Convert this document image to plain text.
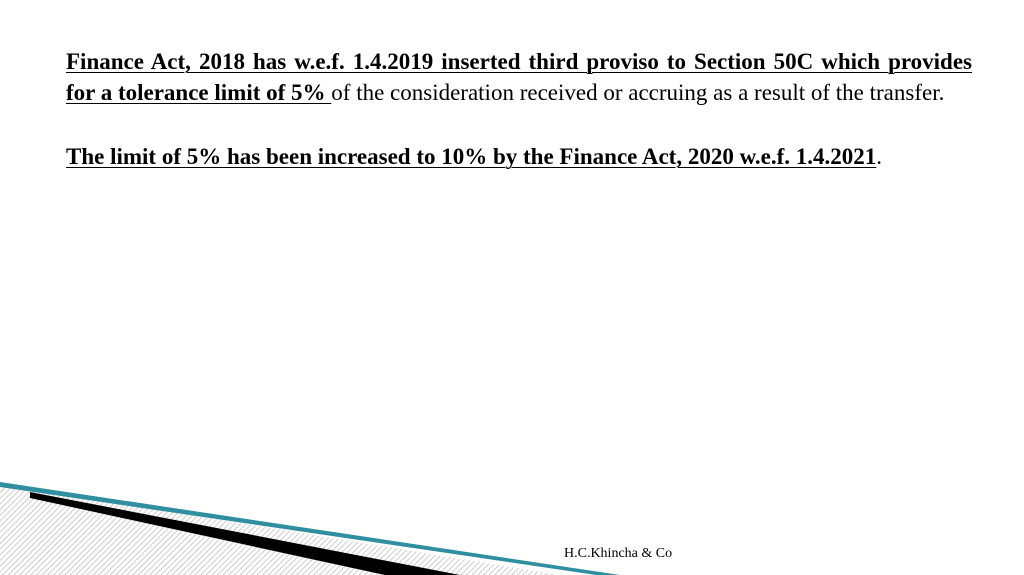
Finance Act, 2018 has w.e.f. 1.4.2019 inserted third proviso to Section 50C which provides for a tolerance limit of 5% of the consideration received or accruing as a result of the transfer.

The limit of 5% has been increased to 10% by the Finance Act, 2020 w.e.f. 1.4.2021.

H.C.Khincha & Co
